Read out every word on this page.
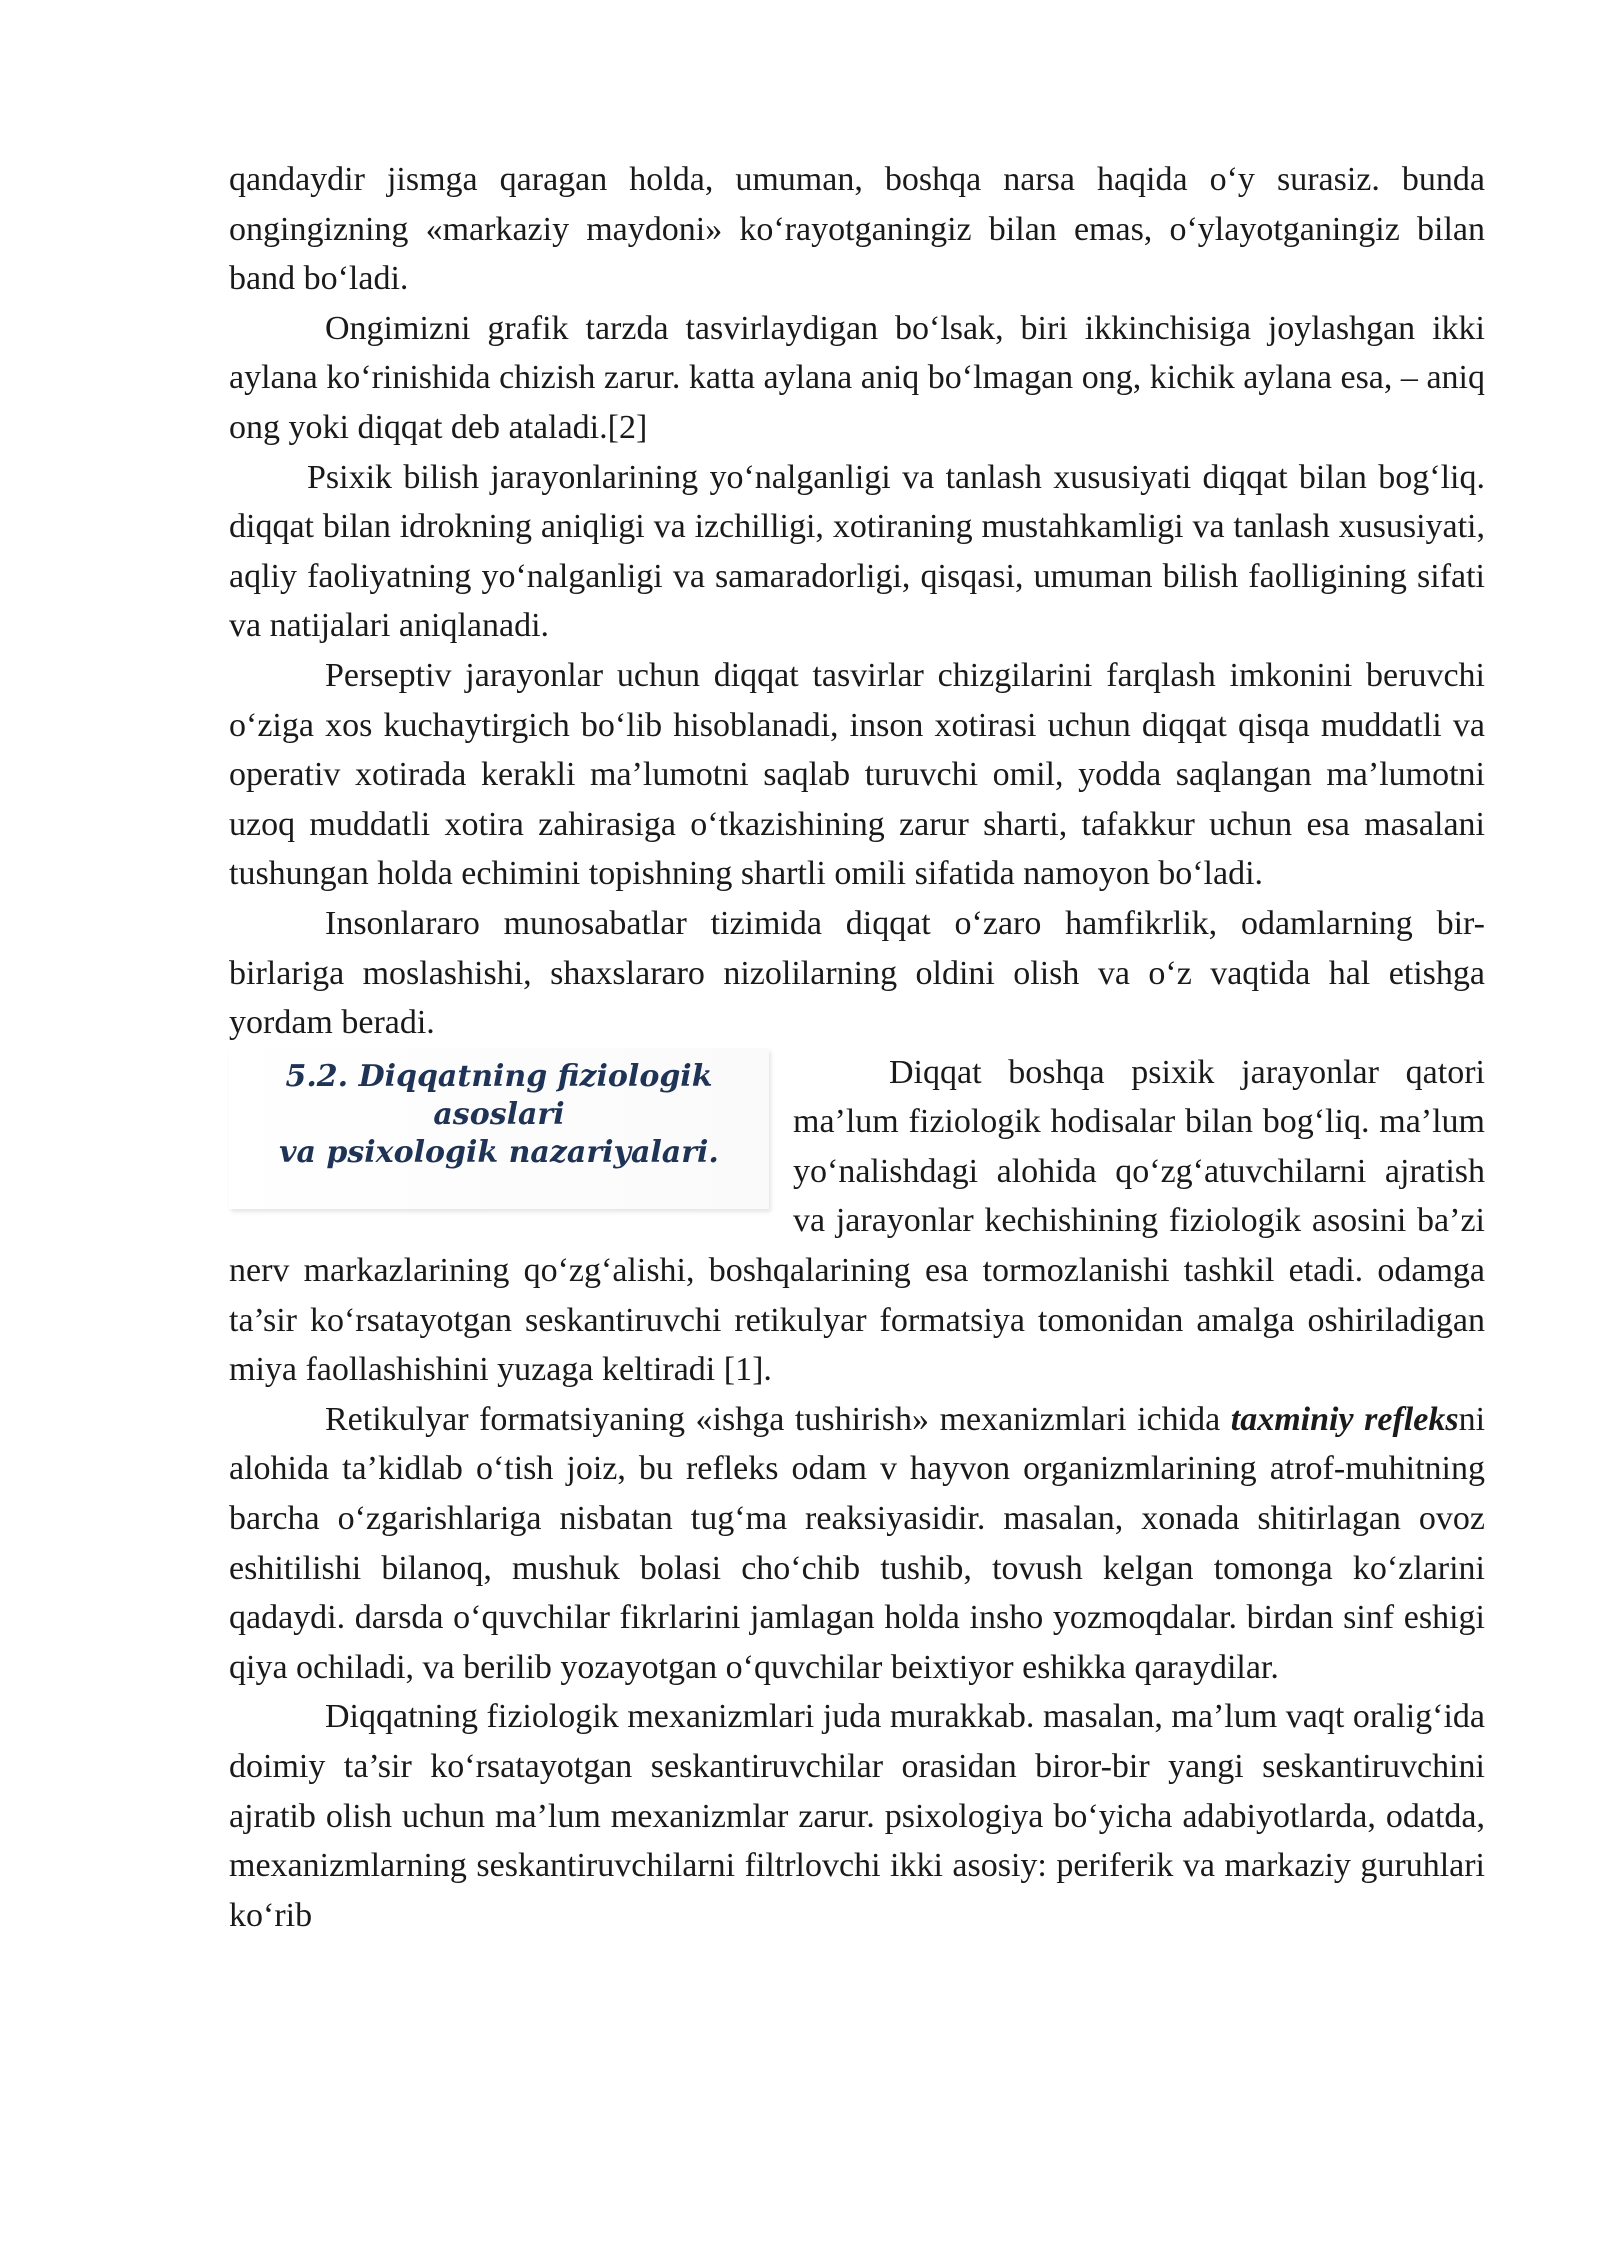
qandaydir jismga qaragan holda, umuman, boshqa narsa haqida o‘y surasiz. bunda ongingizning «markaziy maydoni» ko‘rayotganingiz bilan emas, o‘ylayotganingiz bilan band bo‘ladi.

Ongimizni grafik tarzda tasvirlaydigan bo‘lsak, biri ikkinchisiga joylashgan ikki aylana ko‘rinishida chizish zarur. katta aylana aniq bo‘lmagan ong, kichik aylana esa, – aniq ong yoki diqqat deb ataladi.[2]

Psixik bilish jarayonlarining yo‘nalganligi va tanlash xususiyati diqqat bilan bog‘liq. diqqat bilan idrokning aniqligi va izchilligi, xotiraning mustahkamligi va tanlash xususiyati, aqliy faoliyatning yo‘nalganligi va samaradorligi, qisqasi, umuman bilish faolligining sifati va natijalari aniqlanadi.

Perseptiv jarayonlar uchun diqqat tasvirlar chizgilarini farqlash imkonini beruvchi o‘ziga xos kuchaytirgich bo‘lib hisoblanadi, inson xotirasi uchun diqqat qisqa muddatli va operativ xotirada kerakli ma’lumotni saqlab turuvchi omil, yodda saqlangan ma’lumotni uzoq muddatli xotira zahirasiga o‘tkazishining zarur sharti, tafakkur uchun esa masalani tushungan holda echimini topishning shartli omili sifatida namoyon bo‘ladi.

Insonlararo munosabatlar tizimida diqqat o‘zaro hamfikrlik, odamlarning bir-birlariga moslashishi, shaxslararo nizolilarning oldini olish va o‘z vaqtida hal etishga yordam beradi.

5.2. Diqqatning fiziologik asoslari
va psixologik nazariyalari.

Diqqat boshqa psixik jarayonlar qatori ma’lum fiziologik hodisalar bilan bog‘liq. ma’lum yo‘nalishdagi alohida qo‘zg‘atuvchilarni ajratish va jarayonlar kechishining fiziologik asosini ba’zi nerv markazlarining qo‘zg‘alishi, boshqalarining esa tormozlanishi tashkil etadi. odamga ta’sir ko‘rsatayotgan seskantiruvchi retikulyar formatsiya tomonidan amalga oshiriladigan miya faollashishini yuzaga keltiradi [1].

Retikulyar formatsiyaning «ishga tushirish» mexanizmlari ichida taxminiy refleksni alohida ta’kidlab o‘tish joiz, bu refleks odam v hayvon organizmlarining atrof-muhitning barcha o‘zgarishlariga nisbatan tug‘ma reaksiyasidir. masalan, xonada shitirlagan ovoz eshitilishi bilanoq, mushuk bolasi cho‘chib tushib, tovush kelgan tomonga ko‘zlarini qadaydi. darsda o‘quvchilar fikrlarini jamlagan holda insho yozmoqdalar. birdan sinf eshigi qiya ochiladi, va berilib yozayotgan o‘quvchilar beixtiyor eshikka qaraydilar.

Diqqatning fiziologik mexanizmlari juda murakkab. masalan, ma’lum vaqt oralig‘ida doimiy ta’sir ko‘rsatayotgan seskantiruvchilar orasidan biror-bir yangi seskantiruvchini ajratib olish uchun ma’lum mexanizmlar zarur. psixologiya bo‘yicha adabiyotlarda, odatda, mexanizmlarning seskantiruvchilarni filtrlovchi ikki asosiy: periferik va markaziy guruhlari ko‘rib
